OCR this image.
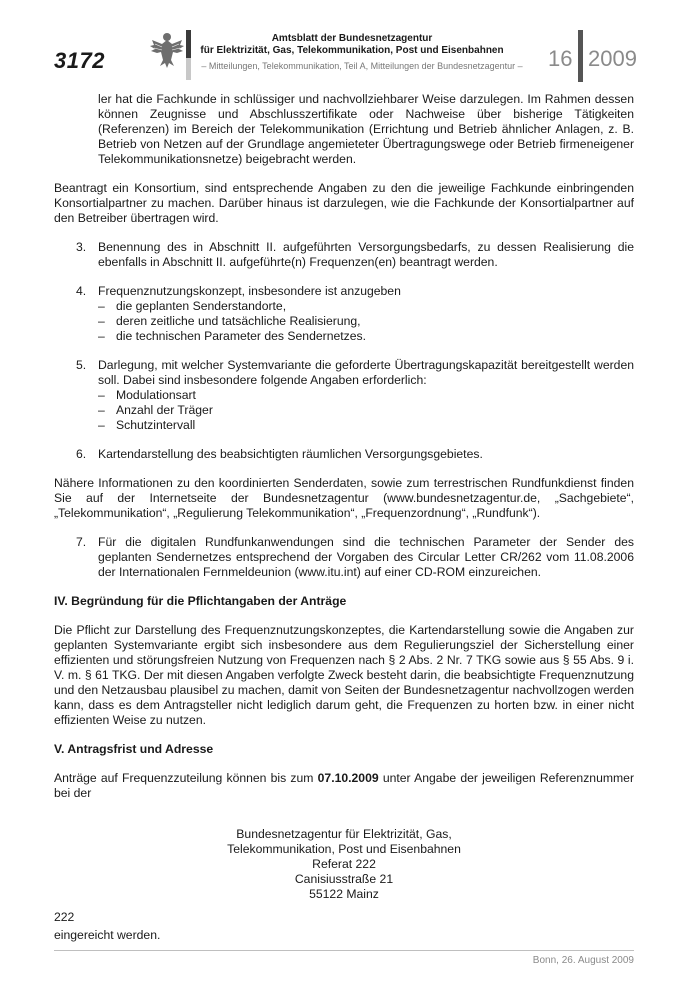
3172
Amtsblatt der Bundesnetzagentur
für Elektrizität, Gas, Telekommunikation, Post und Eisenbahnen
– Mitteilungen, Telekommunikation, Teil A, Mitteilungen der Bundesnetzagentur –	16 2009

ler hat die Fachkunde in schlüssiger und nachvollziehbarer Weise darzulegen. Im Rahmen dessen können Zeugnisse und Abschlusszertifikate oder Nachweise über bisherige Tätigkeiten (Referenzen) im Bereich der Telekommunikation (Errichtung und Betrieb ähnlicher Anlagen, z. B. Betrieb von Netzen auf der Grundlage angemieteter Übertragungswege oder Betrieb firmeneigener Telekommunikationsnetze) beigebracht werden.

Beantragt ein Konsortium, sind entsprechende Angaben zu den die jeweilige Fachkunde einbringenden Konsortialpartner zu machen. Darüber hinaus ist darzulegen, wie die Fachkunde der Konsortialpartner auf den Betreiber übertragen wird.

3. Benennung des in Abschnitt II. aufgeführten Versorgungsbedarfs, zu dessen Realisierung die ebenfalls in Abschnitt II. aufgeführte(n) Frequenzen(en) beantragt werden.
4. Frequenznutzungskonzept, insbesondere ist anzugeben
– die geplanten Senderstandorte,
– deren zeitliche und tatsächliche Realisierung,
– die technischen Parameter des Sendernetzes.
5. Darlegung, mit welcher Systemvariante die geforderte Übertragungskapazität bereitgestellt werden soll. Dabei sind insbesondere folgende Angaben erforderlich:
– Modulationsart
– Anzahl der Träger
– Schutzintervall
6. Kartendarstellung des beabsichtigten räumlichen Versorgungsgebietes.

Nähere Informationen zu den koordinierten Senderdaten, sowie zum terrestrischen Rundfunkdienst finden Sie auf der Internetseite der Bundesnetzagentur (www.bundesnetzagentur.de, „Sachgebiete“, „Telekommunikation“, „Regulierung Telekommunikation“, „Frequenzordnung“, „Rundfunk“).

7. Für die digitalen Rundfunkanwendungen sind die technischen Parameter der Sender des geplanten Sendernetzes entsprechend der Vorgaben des Circular Letter CR/262 vom 11.08.2006 der Internationalen Fernmeldeunion (www.itu.int) auf einer CD-ROM einzureichen.

IV. Begründung für die Pflichtangaben der Anträge

Die Pflicht zur Darstellung des Frequenznutzungskonzeptes, die Kartendarstellung sowie die Angaben zur geplanten Systemvariante ergibt sich insbesondere aus dem Regulierungsziel der Sicherstellung einer effizienten und störungsfreien Nutzung von Frequenzen nach § 2 Abs. 2 Nr. 7 TKG sowie aus § 55 Abs. 9 i. V. m. § 61 TKG. Der mit diesen Angaben verfolgte Zweck besteht darin, die beabsichtigte Frequenznutzung und den Netzausbau plausibel zu machen, damit von Seiten der Bundesnetzagentur nachvollzogen werden kann, dass es dem Antragsteller nicht lediglich darum geht, die Frequenzen zu horten bzw. in einer nicht effizienten Weise zu nutzen.

V. Antragsfrist und Adresse

Anträge auf Frequenzzuteilung können bis zum 07.10.2009 unter Angabe der jeweiligen Referenznummer bei der

Bundesnetzagentur für Elektrizität, Gas,
Telekommunikation, Post und Eisenbahnen
Referat 222
Canisiusstraße 21
55122 Mainz

eingereicht werden.

222
Bonn, 26. August 2009
